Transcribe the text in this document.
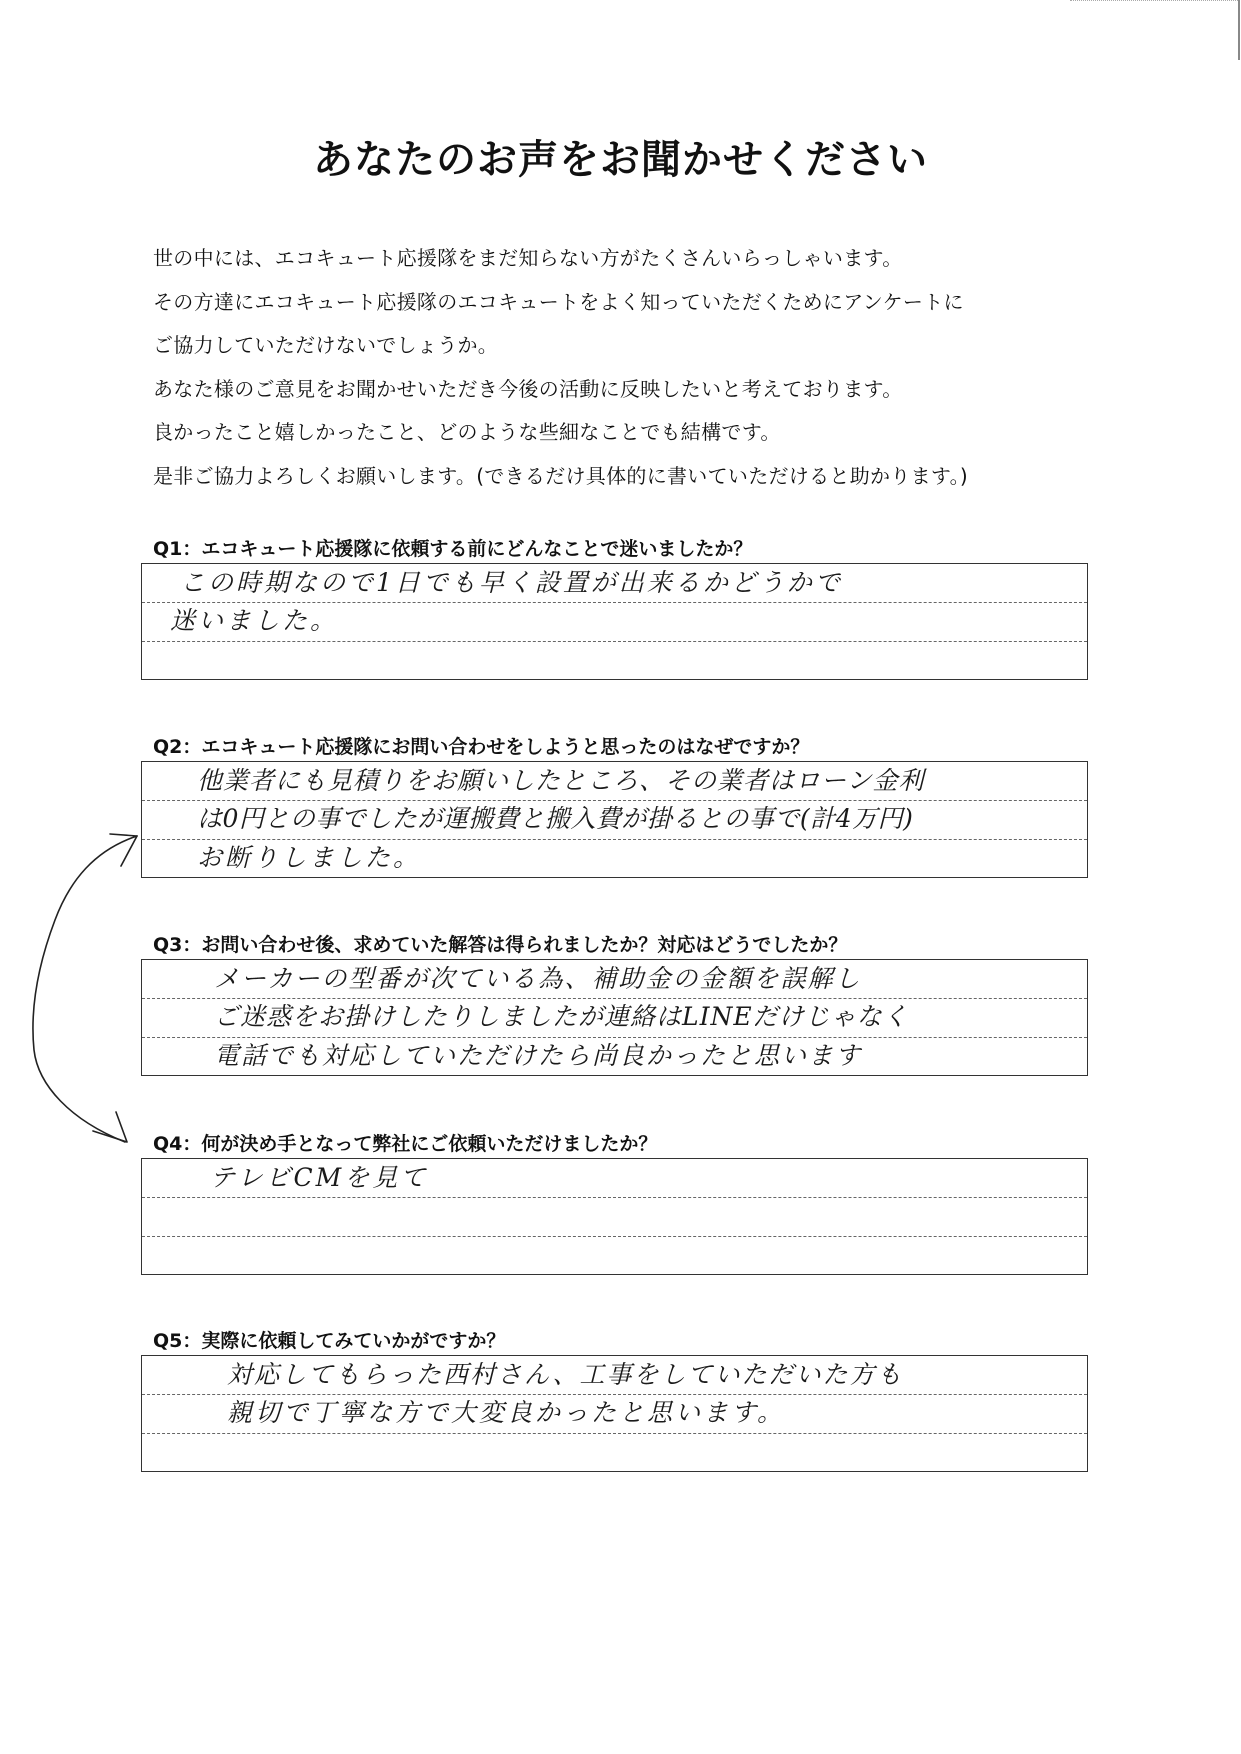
あなたのお声をお聞かせください
世の中には、エコキュート応援隊をまだ知らない方がたくさんいらっしゃいます。
その方達にエコキュート応援隊のエコキュートをよく知っていただくためにアンケートに
ご協力していただけないでしょうか。
あなた様のご意見をお聞かせいただき今後の活動に反映したいと考えております。
良かったこと嬉しかったこと、どのような些細なことでも結構です。
是非ご協力よろしくお願いします。(できるだけ具体的に書いていただけると助かります。)
Q1：エコキュート応援隊に依頼する前にどんなことで迷いましたか？
この時期なので1日でも早く設置が出来るかどうかで
迷いました。
Q2：エコキュート応援隊にお問い合わせをしようと思ったのはなぜですか？
他業者にも見積りをお願いしたところ、その業者はローン金利
は0円との事でしたが運搬費と搬入費が掛るとの事で(計4万円)
お断りしました。
Q3：お問い合わせ後、求めていた解答は得られましたか？対応はどうでしたか？
メーカーの型番が次ている為、補助金の金額を誤解し
ご迷惑をお掛けしたりしましたが連絡はLINEだけじゃなく
電話でも対応していただけたら尚良かったと思います
Q4：何が決め手となって弊社にご依頼いただけましたか？
テレビCMを見て
Q5：実際に依頼してみていかがですか？
対応してもらった西村さん、工事をしていただいた方も
親切で丁寧な方で大変良かったと思います。
